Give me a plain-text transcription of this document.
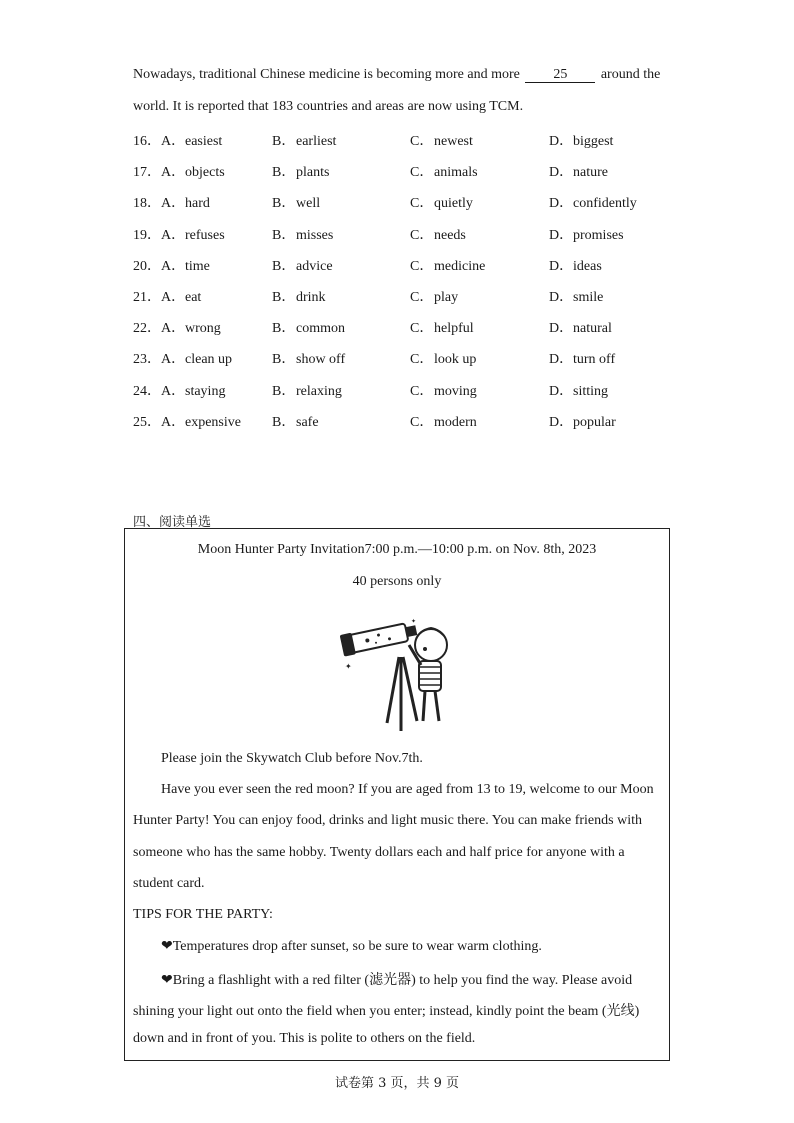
Nowadays, traditional Chinese medicine is becoming more and more 25 around the
world. It is reported that 183 countries and areas are now using TCM.
16． A．easiest	B．earliest	C．newest	D．biggest
17． A．objects	B．plants	C．animals	D．nature
18． A．hard	B．well	C．quietly	D．confidently
19． A．refuses	B．misses	C．needs	D．promises
20． A．time	B．advice	C．medicine	D．ideas
21． A．eat	B．drink	C．play	D．smile
22． A．wrong	B．common	C．helpful	D．natural
23． A．clean up	B．show off	C．look up	D．turn off
24． A．staying	B．relaxing	C．moving	D．sitting
25． A．expensive B．safe	C．modern	D．popular
四、阅读单选
Moon Hunter Party Invitation7:00 p.m.—10:00 p.m. on Nov. 8th, 2023
40 persons only
✦
✦
Please join the Skywatch Club before Nov.7th.
Have you ever seen the red moon? If you are aged from 13 to 19, welcome to our Moon
Hunter Party! You can enjoy food, drinks and light music there. You can make friends with
someone who has the same hobby. Twenty dollars each and half price for anyone with a
student card.
TIPS FOR THE PARTY:
❤Temperatures drop after sunset, so be sure to wear warm clothing.
❤Bring a flashlight with a red filter (滤光器) to help you find the way. Please avoid
shining your light out onto the field when you enter; instead, kindly point the beam (光线)
down and in front of you. This is polite to others on the field.
试卷第 3 页，共 9 页
